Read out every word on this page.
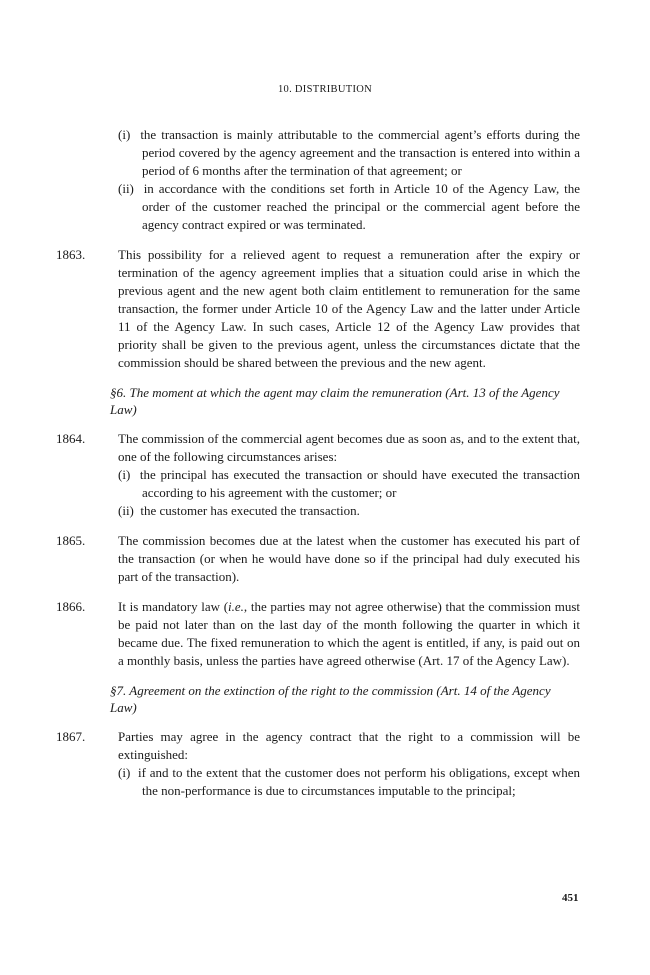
10. DISTRIBUTION
(i) the transaction is mainly attributable to the commercial agent’s efforts during the period covered by the agency agreement and the transaction is entered into within a period of 6 months after the termination of that agreement; or
(ii) in accordance with the conditions set forth in Article 10 of the Agency Law, the order of the customer reached the principal or the commercial agent before the agency contract expired or was terminated.
1863.	This possibility for a relieved agent to request a remuneration after the expiry or termination of the agency agreement implies that a situation could arise in which the previous agent and the new agent both claim entitlement to remuneration for the same transaction, the former under Article 10 of the Agency Law and the latter under Article 11 of the Agency Law. In such cases, Article 12 of the Agency Law provides that priority shall be given to the previous agent, unless the circumstances dictate that the commission should be shared between the previous and the new agent.
§6. The moment at which the agent may claim the remuneration (Art. 13 of the Agency Law)
1864.	The commission of the commercial agent becomes due as soon as, and to the extent that, one of the following circumstances arises:
(i) the principal has executed the transaction or should have executed the transaction according to his agreement with the customer; or
(ii) the customer has executed the transaction.
1865.	The commission becomes due at the latest when the customer has executed his part of the transaction (or when he would have done so if the principal had duly executed his part of the transaction).
1866.	It is mandatory law (i.e., the parties may not agree otherwise) that the commission must be paid not later than on the last day of the month following the quarter in which it became due. The fixed remuneration to which the agent is entitled, if any, is paid out on a monthly basis, unless the parties have agreed otherwise (Art. 17 of the Agency Law).
§7. Agreement on the extinction of the right to the commission (Art. 14 of the Agency Law)
1867.	Parties may agree in the agency contract that the right to a commission will be extinguished:
(i) if and to the extent that the customer does not perform his obligations, except when the non-performance is due to circumstances imputable to the principal;
451
